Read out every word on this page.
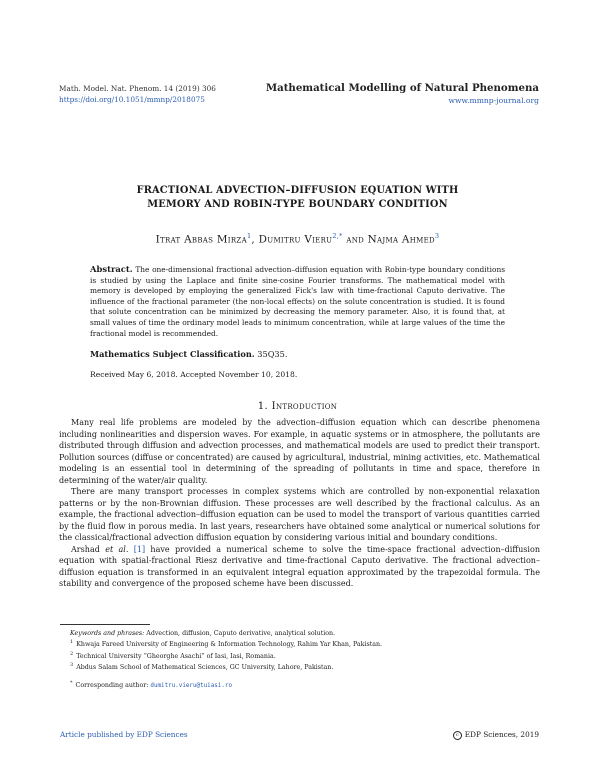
Math. Model. Nat. Phenom. 14 (2019) 306
https://doi.org/10.1051/mmnp/2018075
Mathematical Modelling of Natural Phenomena
www.mmnp-journal.org
FRACTIONAL ADVECTION–DIFFUSION EQUATION WITH
MEMORY AND ROBIN-TYPE BOUNDARY CONDITION
Itrat Abbas Mirza$^1$, Dumitru Vieru$^{2,*}$ and Najma Ahmed$^3$
Abstract. The one-dimensional fractional advection–diffusion equation with Robin-type boundary conditions is studied by using the Laplace and finite sine-cosine Fourier transforms. The mathematical model with memory is developed by employing the generalized Fick's law with time-fractional Caputo derivative. The influence of the fractional parameter (the non-local effects) on the solute concentration is studied. It is found that solute concentration can be minimized by decreasing the memory parameter. Also, it is found that, at small values of time the ordinary model leads to minimum concentration, while at large values of the time the fractional model is recommended.
Mathematics Subject Classification. 35Q35.
Received May 6, 2018. Accepted November 10, 2018.
1. Introduction

Many real life problems are modeled by the advection–diffusion equation which can describe phenomena including nonlinearities and dispersion waves. For example, in aquatic systems or in atmosphere, the pollutants are distributed through diffusion and advection processes, and mathematical models are used to predict their transport. Pollution sources (diffuse or concentrated) are caused by agricultural, industrial, mining activities, etc. Mathematical modeling is an essential tool in determining of the spreading of pollutants in time and space, therefore in determining of the water/air quality.

There are many transport processes in complex systems which are controlled by non-exponential relaxation patterns or by the non-Brownian diffusion. These processes are well described by the fractional calculus. As an example, the fractional advection–diffusion equation can be used to model the transport of various quantities carried by the fluid flow in porous media. In last years, researchers have obtained some analytical or numerical solutions for the classical/fractional advection diffusion equation by considering various initial and boundary conditions.

Arshad et al. [1] have provided a numerical scheme to solve the time-space fractional advection–diffusion equation with spatial-fractional Riesz derivative and time-fractional Caputo derivative. The fractional advection–diffusion equation is transformed in an equivalent integral equation approximated by the trapezoidal formula. The stability and convergence of the proposed scheme have been discussed.

Keywords and phrases: Advection, diffusion, Caputo derivative, analytical solution.
$^1$ Khwaja Fareed University of Engineering & Information Technology, Rahim Yar Khan, Pakistan.
$^2$ Technical University “Gheorghe Asachi” of Iasi, Iasi, Romania.
$^3$ Abdus Salam School of Mathematical Sciences, GC University, Lahore, Pakistan.
* Corresponding author: dumitru.vieru@tuiasi.ro
Article published by EDP Sciences	c EDP Sciences, 2019
